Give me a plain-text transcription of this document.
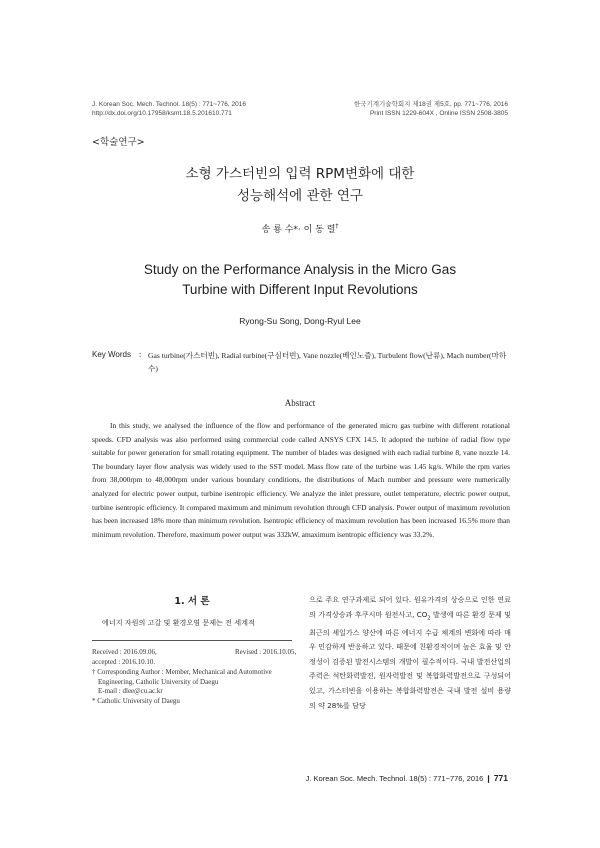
J. Korean Soc. Mech. Technol. 18(5) : 771~776, 2016
http://dx.doi.org/10.17958/ksmt.18.5.201610.771
한국기계기술학회지 제18권 제5호, pp. 771~776, 2016
Print ISSN 1229-604X , Online ISSN 2508-3805
<학술연구>
소형 가스터빈의 입력 RPM변화에 대한
성능해석에 관한 연구
송 룡 수*· 이 동 렬†
Study on the Performance Analysis in the Micro Gas
Turbine with Different Input Revolutions
Ryong-Su Song, Dong-Ryul Lee
Key Words : Gas turbine(가스터빈), Radial turbine(구심터빈), Vane nozzle(베인노즐), Turbulent flow(난류), Mach number(마하 수)
Abstract
In this study, we analysed the influence of the flow and performance of the generated micro gas turbine with different rotational speeds. CFD analysis was also performed using commercial code called ANSYS CFX 14.5. It adopted the turbine of radial flow type suitable for power generation for small rotating equipment. The number of blades was designed with each radial turbine 8, vane nozzle 14. The boundary layer flow analysis was widely used to the SST model. Mass flow rate of the turbine was 1.45 kg/s. While the rpm varies from 38,000rpm to 48,000rpm under various boundary conditions, the distributions of Mach number and pressure were numerically analyzed for electric power output, turbine isentropic efficiency. We analyze the inlet pressure, outlet temperature, electric power output, turbine isentropic efficiency. It compared maximum and minimum revolution through CFD analysis. Power output of maximum revolution has been increased 18% more than minimum revolution. Isentropic efficiency of maximum revolution has been increased 16.5% more than minimum revolution. Therefore, maximum power output was 332kW, amaximum isentropic efficiency was 33.2%.
1. 서 론
에너지 자원의 고갈 및 환경오염 문제는 전 세계적
Received : 2016.09.06,	Revised : 2016.10.05,
accepted : 2016.10.10.
† Corresponding Author : Member, Mechanical and Automotive Engineering, Catholic University of Daegu
E-mail : dlee@cu.ac.kr
* Catholic University of Daegu
으로 주요 연구과제로 되어 있다. 원유가격의 상승으로 인한 연료의 가격상승과 후쿠시마 원전사고, $CO_2$ 발생에 따른 환경 문제 및 최근의 셰일가스 양산에 따른 에너지 수급 체계의 변화에 따라 매우 민감하게 반응하고 있다. 때문에 친환경적이며 높은 효율 및 안정성이 검증된 발전시스템의 개발이 필수적이다. 국내 발전산업의 주력은 석탄화력발전, 원자력발전 및 복합화력발전으로 구성되어 있고, 가스터빈을 이용하는 복합화력발전은 국내 발전 설비 용량의 약 28%를 담당
J. Korean Soc. Mech. Technol. 18(5) : 771~776, 2016 ❙ 771
